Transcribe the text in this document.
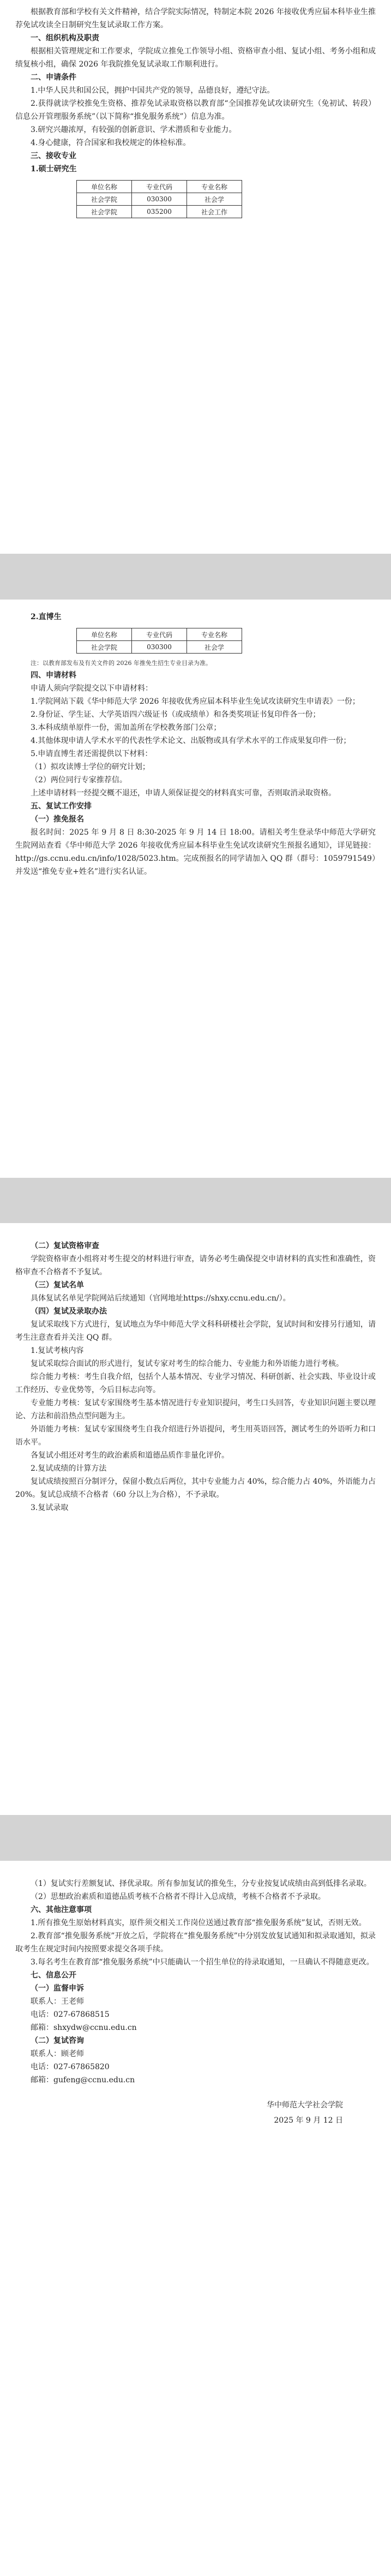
根据教育部和学校有关文件精神，结合学院实际情况，特制定本院 2026 年接收优秀应届本科毕业生推荐免试攻读全日制研究生复试录取工作方案。

一、组织机构及职责

根据相关管理规定和工作要求，学院成立推免工作领导小组、资格审查小组、复试小组、考务小组和成绩复核小组，确保 2026 年我院推免复试录取工作顺利进行。

二、申请条件

1.中华人民共和国公民，拥护中国共产党的领导，品德良好，遵纪守法。

2.获得就读学校推免生资格、推荐免试录取资格以教育部“全国推荐免试攻读研究生（免初试、转段）信息公开管理服务系统”（以下简称“推免服务系统”）信息为准。

3.研究兴趣浓厚，有较强的创新意识、学术潜质和专业能力。

4.身心健康，符合国家和我校规定的体检标准。

三、接收专业

1.硕士研究生

单位名称	专业代码	专业名称
社会学院	030300	社会学
社会学院	035200	社会工作

2.直博生

单位名称	专业代码	专业名称
社会学院	030300	社会学

注：以教育部发布及有关文件的 2026 年推免生招生专业目录为准。

四、申请材料

申请人须向学院提交以下申请材料：

1.学院网站下载《华中师范大学 2026 年接收优秀应届本科毕业生免试攻读研究生申请表》一份；

2.身份证、学生证、大学英语四六级证书（或成绩单）和各类奖项证书复印件各一份；

3.本科成绩单原件一份，需加盖所在学校教务部门公章；

4.其他体现申请人学术水平的代表性学术论文、出版物或具有学术水平的工作成果复印件一份；

5.申请直博生者还需提供以下材料：

（1）拟攻读博士学位的研究计划；

（2）两位同行专家推荐信。

上述申请材料一经提交概不退还，申请人须保证提交的材料真实可靠，否则取消录取资格。

五、复试工作安排

（一）推免报名

报名时间：2025 年 9 月 8 日 8:30-2025 年 9 月 14 日 18:00。请相关考生登录华中师范大学研究生院网站查看《华中师范大学 2026 年接收优秀应届本科毕业生免试攻读研究生预报名通知》，详见链接：http://gs.ccnu.edu.cn/info/1028/5023.htm。完成预报名的同学请加入 QQ 群（群号：1059791549）并发送“推免专业+姓名”进行实名认证。

（二）复试资格审查

学院资格审查小组将对考生提交的材料进行审查，请务必考生确保提交申请材料的真实性和准确性，资格审查不合格者不予复试。

（三）复试名单

具体复试名单见学院网站后续通知（官网地址https://shxy.ccnu.edu.cn/）。

（四）复试及录取办法

复试采取线下方式进行，复试地点为华中师范大学文科科研楼社会学院，复试时间和安排另行通知，请考生注意查看并关注 QQ 群。

1.复试考核内容

复试采取综合面试的形式进行，复试专家对考生的综合能力、专业能力和外语能力进行考核。

综合能力考核：考生自我介绍，包括个人基本情况、专业学习情况、科研创新、社会实践、毕业设计或工作经历、专业优势等，今后目标志向等。

专业能力考核：复试专家围绕考生基本情况进行专业知识提问，考生口头回答，专业知识问题主要以理论、方法和前沿热点型问题为主。

外语能力考核：复试专家围绕考生自我介绍进行外语提问，考生用英语回答，测试考生的外语听力和口语水平。

各复试小组还对考生的政治素质和道德品质作非量化评价。

2.复试成绩的计算方法

复试成绩按照百分制评分，保留小数点后两位，其中专业能力占 40%，综合能力占 40%，外语能力占 20%。复试总成绩不合格者（60 分以上为合格），不予录取。

3.复试录取

（1）复试实行差额复试、择优录取。所有参加复试的推免生，分专业按复试成绩由高到低排名录取。

（2）思想政治素质和道德品质考核不合格者不得计入总成绩，考核不合格者不予录取。

六、其他注意事项

1.所有推免生原始材料真实，原件须交相关工作岗位送通过教育部“推免服务系统”复试，否则无效。

2.教育部“推免服务系统”开放之后，学院将在“推免服务系统”中分别发放复试通知和拟录取通知，拟录取考生在规定时间内按照要求提交各项手续。

3.每名考生在教育部“推免服务系统”中只能确认一个招生单位的待录取通知，一旦确认不得随意更改。

七、信息公开

（一）监督申诉

联系人：王老师

电话：027-67868515

邮箱：shxydw@ccnu.edu.cn

（二）复试咨询

联系人：顾老师

电话：027-67865820

邮箱：gufeng@ccnu.edu.cn

华中师范大学社会学院

2025 年 9 月 12 日
